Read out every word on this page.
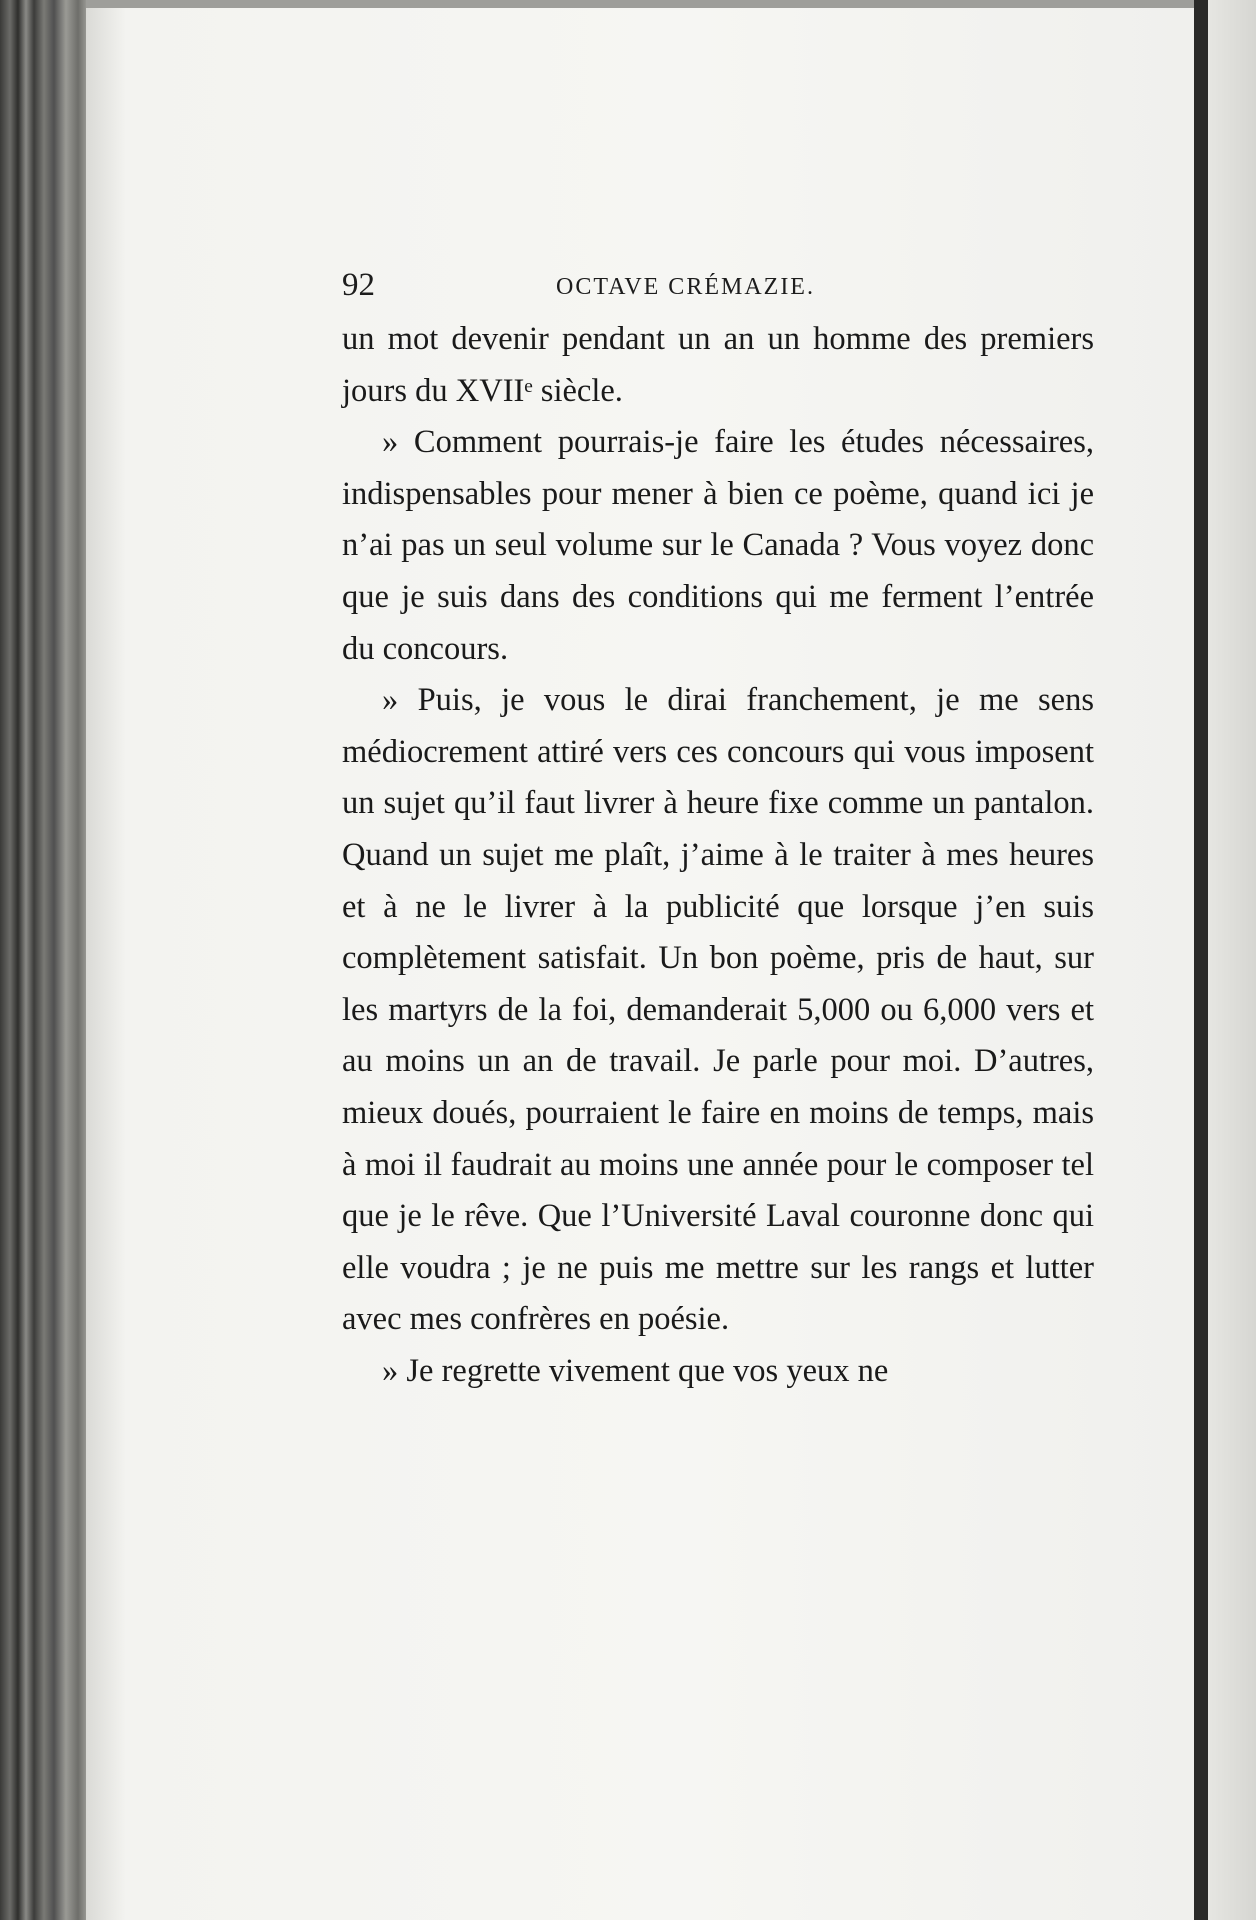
92	OCTAVE CRÉMAZIE.

un mot devenir pendant un an un homme des premiers jours du XVIIᵉ siècle.

» Comment pourrais-je faire les études nécessaires, indispensables pour mener à bien ce poème, quand ici je n’ai pas un seul volume sur le Canada ? Vous voyez donc que je suis dans des conditions qui me ferment l’entrée du concours.

» Puis, je vous le dirai franchement, je me sens médiocrement attiré vers ces concours qui vous imposent un sujet qu’il faut livrer à heure fixe comme un pantalon. Quand un sujet me plaît, j’aime à le traiter à mes heures et à ne le livrer à la publicité que lorsque j’en suis complètement satisfait. Un bon poème, pris de haut, sur les martyrs de la foi, demanderait 5,000 ou 6,000 vers et au moins un an de travail. Je parle pour moi. D’autres, mieux doués, pourraient le faire en moins de temps, mais à moi il faudrait au moins une année pour le composer tel que je le rêve. Que l’Université Laval couronne donc qui elle voudra ; je ne puis me mettre sur les rangs et lutter avec mes confrères en poésie.

» Je regrette vivement que vos yeux ne
